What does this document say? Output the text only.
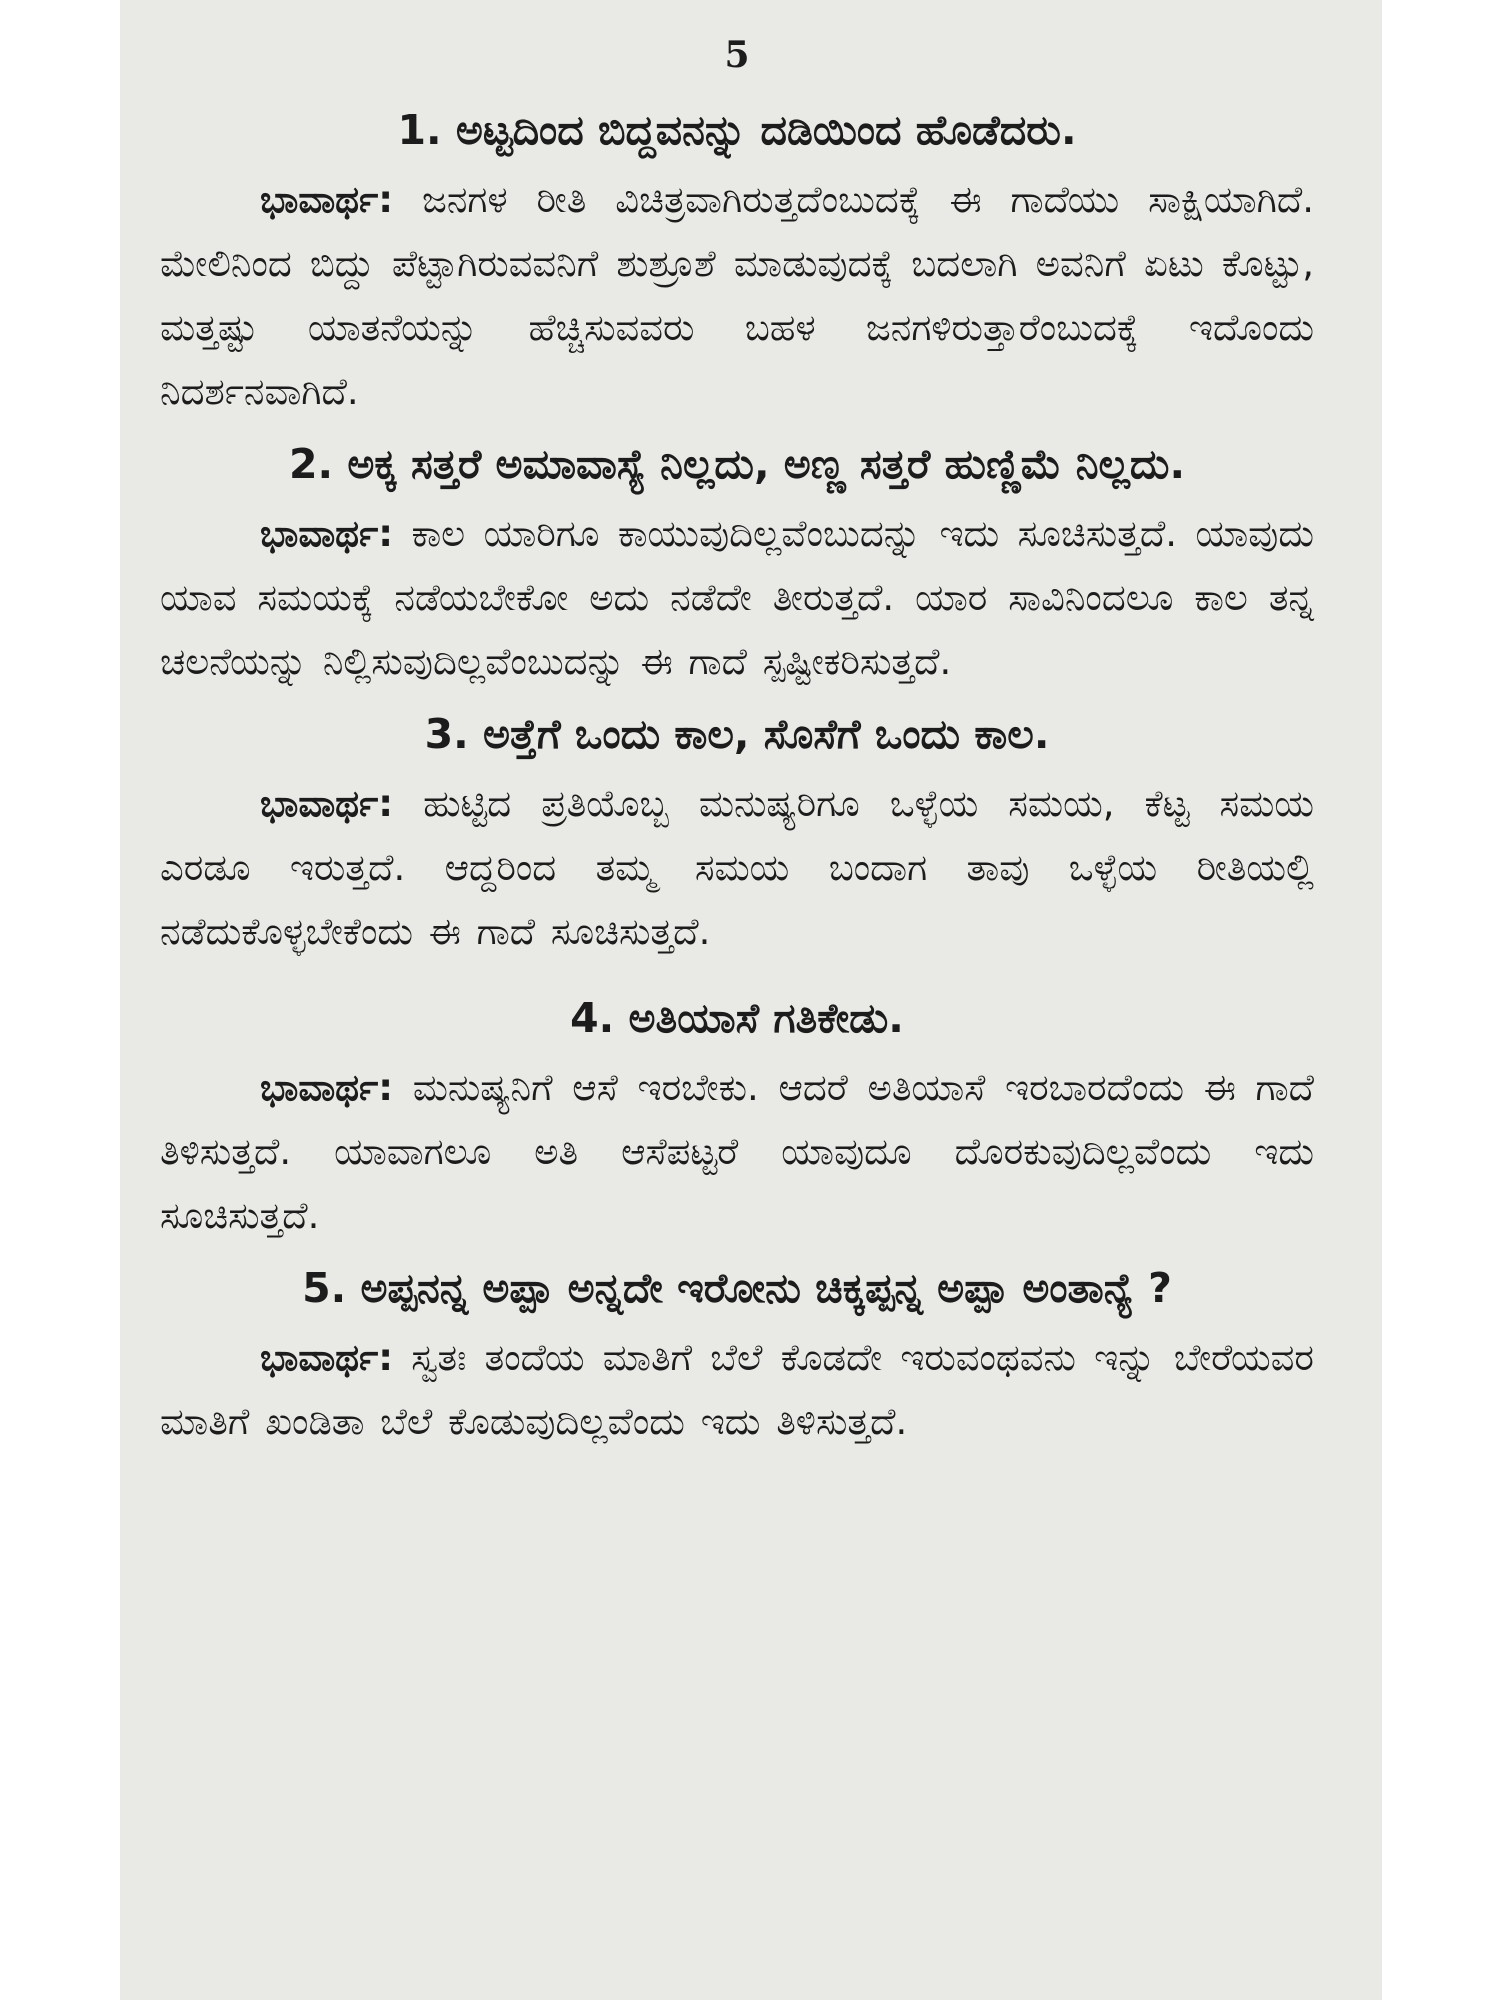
5
1. ಅಟ್ಟದಿಂದ ಬಿದ್ದವನನ್ನು ದಡಿಯಿಂದ ಹೊಡೆದರು.

ಭಾವಾರ್ಥ: ಜನಗಳ ರೀತಿ ವಿಚಿತ್ರವಾಗಿರುತ್ತದೆಂಬುದಕ್ಕೆ ಈ ಗಾದೆಯು ಸಾಕ್ಷಿಯಾಗಿದೆ. ಮೇಲಿನಿಂದ ಬಿದ್ದು ಪೆಟ್ಟಾಗಿರುವವನಿಗೆ ಶುಶ್ರೂಶೆ ಮಾಡುವುದಕ್ಕೆ ಬದಲಾಗಿ ಅವನಿಗೆ ಏಟು ಕೊಟ್ಟು, ಮತ್ತಷ್ಟು ಯಾತನೆಯನ್ನು ಹೆಚ್ಚಿಸುವವರು ಬಹಳ ಜನಗಳಿರುತ್ತಾರೆಂಬುದಕ್ಕೆ ಇದೊಂದು ನಿದರ್ಶನವಾಗಿದೆ.

2. ಅಕ್ಕ ಸತ್ತರೆ ಅಮಾವಾಸ್ಯೆ ನಿಲ್ಲದು, ಅಣ್ಣ ಸತ್ತರೆ ಹುಣ್ಣಿಮೆ ನಿಲ್ಲದು.

ಭಾವಾರ್ಥ: ಕಾಲ ಯಾರಿಗೂ ಕಾಯುವುದಿಲ್ಲವೆಂಬುದನ್ನು ಇದು ಸೂಚಿಸುತ್ತದೆ. ಯಾವುದು ಯಾವ ಸಮಯಕ್ಕೆ ನಡೆಯಬೇಕೋ ಅದು ನಡೆದೇ ತೀರುತ್ತದೆ. ಯಾರ ಸಾವಿನಿಂದಲೂ ಕಾಲ ತನ್ನ ಚಲನೆಯನ್ನು ನಿಲ್ಲಿಸುವುದಿಲ್ಲವೆಂಬುದನ್ನು ಈ ಗಾದೆ ಸ್ಪಷ್ಟೀಕರಿಸುತ್ತದೆ.

3. ಅತ್ತೆಗೆ ಒಂದು ಕಾಲ, ಸೊಸೆಗೆ ಒಂದು ಕಾಲ.

ಭಾವಾರ್ಥ: ಹುಟ್ಟಿದ ಪ್ರತಿಯೊಬ್ಬ ಮನುಷ್ಯರಿಗೂ ಒಳ್ಳೆಯ ಸಮಯ, ಕೆಟ್ಟ ಸಮಯ ಎರಡೂ ಇರುತ್ತದೆ. ಆದ್ದರಿಂದ ತಮ್ಮ ಸಮಯ ಬಂದಾಗ ತಾವು ಒಳ್ಳೆಯ ರೀತಿಯಲ್ಲಿ ನಡೆದುಕೊಳ್ಳಬೇಕೆಂದು ಈ ಗಾದೆ ಸೂಚಿಸುತ್ತದೆ.

4. ಅತಿಯಾಸೆ ಗತಿಕೇಡು.

ಭಾವಾರ್ಥ: ಮನುಷ್ಯನಿಗೆ ಆಸೆ ಇರಬೇಕು. ಆದರೆ ಅತಿಯಾಸೆ ಇರಬಾರದೆಂದು ಈ ಗಾದೆ ತಿಳಿಸುತ್ತದೆ. ಯಾವಾಗಲೂ ಅತಿ ಆಸೆಪಟ್ಟರೆ ಯಾವುದೂ ದೊರಕುವುದಿಲ್ಲವೆಂದು ಇದು ಸೂಚಿಸುತ್ತದೆ.

5. ಅಪ್ಪನನ್ನ ಅಪ್ಪಾ ಅನ್ನದೇ ಇರೋನು ಚಿಕ್ಕಪ್ಪನ್ನ ಅಪ್ಪಾ ಅಂತಾನ್ಯೆ ?

ಭಾವಾರ್ಥ: ಸ್ವತಃ ತಂದೆಯ ಮಾತಿಗೆ ಬೆಲೆ ಕೊಡದೇ ಇರುವಂಥವನು ಇನ್ನು ಬೇರೆಯವರ ಮಾತಿಗೆ ಖಂಡಿತಾ ಬೆಲೆ ಕೊಡುವುದಿಲ್ಲವೆಂದು ಇದು ತಿಳಿಸುತ್ತದೆ.
